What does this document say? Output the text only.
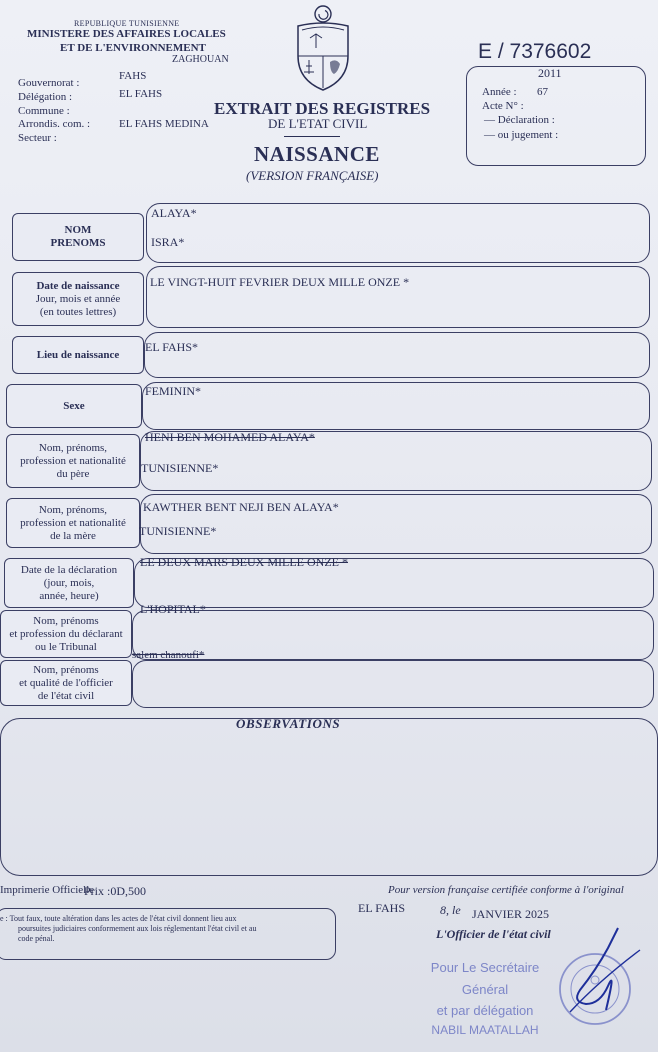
REPUBLIQUE TUNISIENNE
MINISTERE DES AFFAIRES LOCALES
ET DE L'ENVIRONNEMENT
ZAGHOUAN	E / 7376602
Gouvernorat :
FAHS
Délégation :	EL FAHS
Commune :
Arrondis. com. :	EL FAHS MEDINA
Secteur :
EXTRAIT DES REGISTRES
DE L'ETAT CIVIL
NAISSANCE
(VERSION FRANÇAISE)
2011
Année : 67
Acte N° :
— Déclaration :
— ou jugement :
NOM
PRENOMS
ALAYA*
ISRA*
Date de naissance
Jour, mois et année
(en toutes lettres)
LE VINGT-HUIT FEVRIER DEUX MILLE ONZE *
Lieu de naissance
EL FAHS*
Sexe
FEMININ*
Nom, prénoms,
profession et nationalité
du père
HENI BEN MOHAMED ALAYA*
TUNISIENNE*
Nom, prénoms,
profession et nationalité
de la mère
KAWTHER BENT NEJI BEN ALAYA*
TUNISIENNE*
Date de la déclaration
(jour, mois,
année, heure)
LE DEUX MARS DEUX MILLE ONZE *
Nom, prénoms
et profession du déclarant
ou le Tribunal
L'HOPITAL*
Nom, prénoms
et qualité de l'officier
de l'état civil
salem chanoufi*
OBSERVATIONS
Imprimerie Officielle
Prix :0D,500	Pour version française certifiée conforme à l'original
EL FAHS	8, le JANVIER 2025
L'Officier de l'état civil
e : Tout faux, toute altération dans les actes de l'état civil donnent lieu aux
poursuites judiciaires conformement aux lois réglementant l'état civil et au
code pénal.
Pour Le Secrétaire
Général
et par délégation
NABIL MAATALLAH
